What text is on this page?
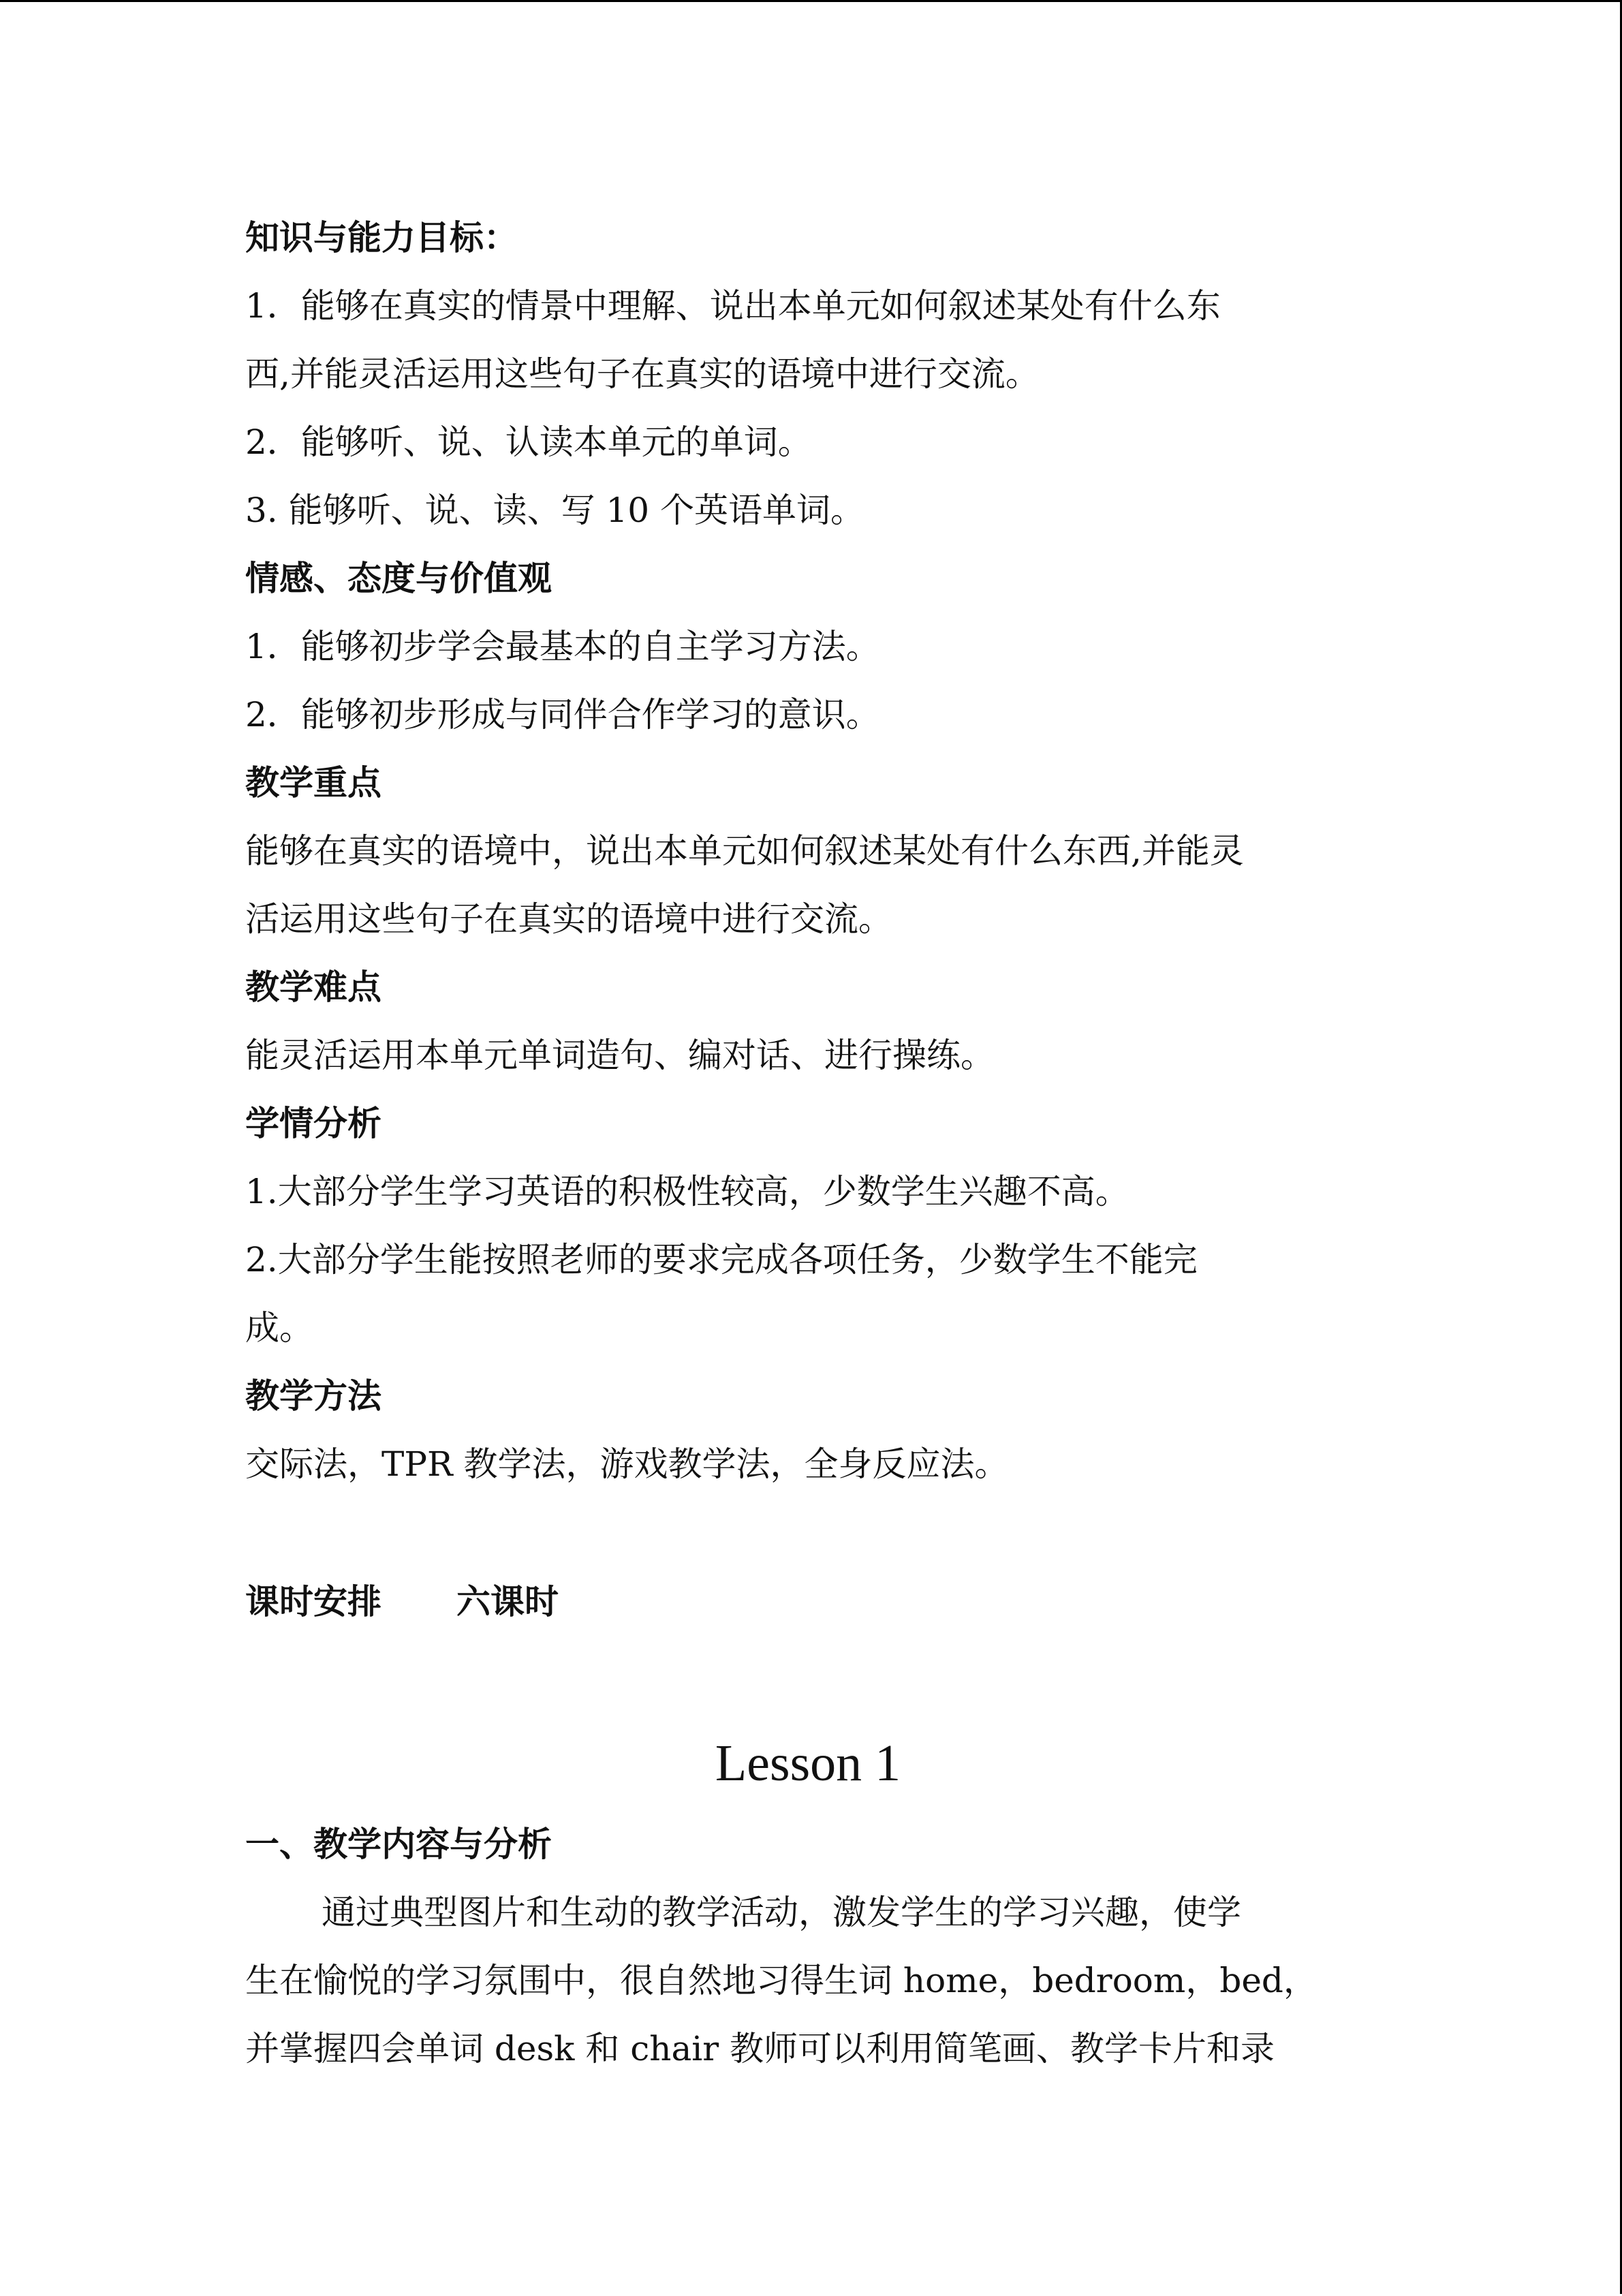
知识与能力目标：
1．能够在真实的情景中理解、说出本单元如何叙述某处有什么东
西,并能灵活运用这些句子在真实的语境中进行交流。
2．能够听、说、认读本单元的单词。
3. 能够听、说、读、写 10 个英语单词。
情感、态度与价值观
1．能够初步学会最基本的自主学习方法。
2．能够初步形成与同伴合作学习的意识。
教学重点
能够在真实的语境中，说出本单元如何叙述某处有什么东西,并能灵
活运用这些句子在真实的语境中进行交流。
教学难点
能灵活运用本单元单词造句、编对话、进行操练。
学情分析
1.大部分学生学习英语的积极性较高，少数学生兴趣不高。
2.大部分学生能按照老师的要求完成各项任务，少数学生不能完
成。
教学方法
交际法，TPR 教学法，游戏教学法，全身反应法。
课时安排 六课时
Lesson 1
一、教学内容与分析
通过典型图片和生动的教学活动，激发学生的学习兴趣，使学
生在愉悦的学习氛围中，很自然地习得生词 home，bedroom，bed，
并掌握四会单词 desk 和 chair 教师可以利用简笔画、教学卡片和录
